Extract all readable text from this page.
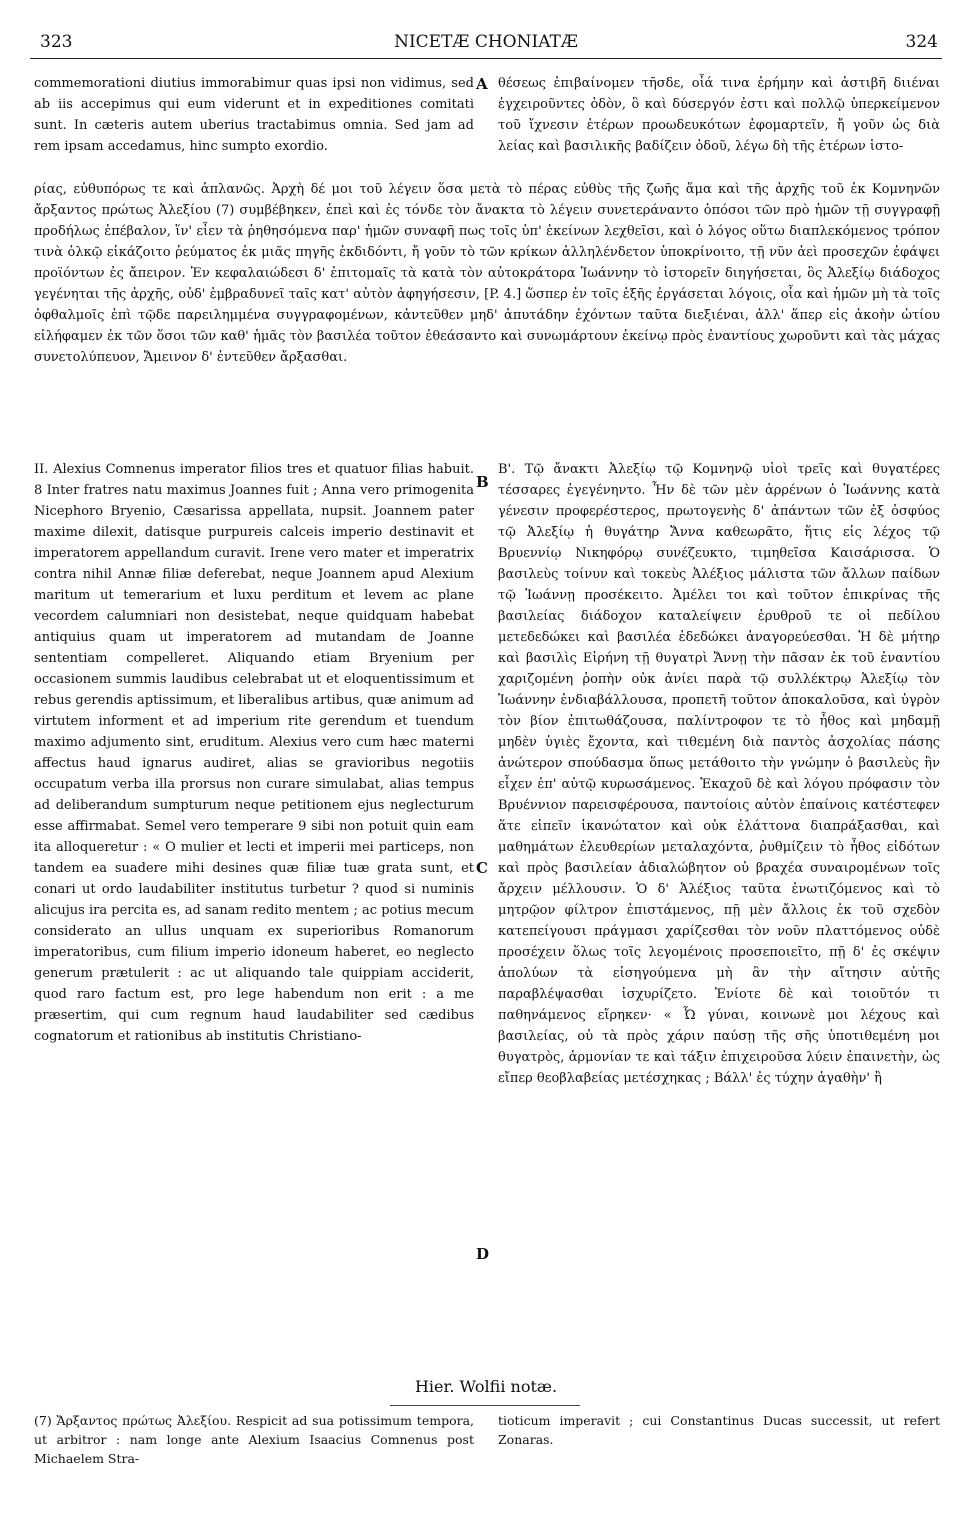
323	NICETÆ CHONIATÆ	324

commemorationi diutius immorabimur quas ipsi non vidimus, sed ab iis accepimus qui eum viderunt et in expeditiones comitati sunt. In cæteris autem uberius tractabimus omnia. Sed jam ad rem ipsam accedamus, hinc sumpto exordio.

A θέσεως ἐπιβαίνομεν τῆσδε, οἷά τινα ἐρήμην καὶ ἀστιβῆ διιέναι ἐγχειροῦντες ὁδὸν, ὃ καὶ δύσεργόν ἐστι καὶ πολλῷ ὑπερκείμενον τοῦ ἴχνεσιν ἑτέρων προωδευκότων ἐφομαρτεῖν, ἤ γοῦν ὡς διὰ λείας καὶ βασιλικῆς βαδίζειν ὁδοῦ, λέγω δὴ τῆς ἑτέρων ἱστο-

ρίας, εὐθυπόρως τε καὶ ἀπλανῶς. Ἀρχὴ δέ μοι τοῦ λέγειν ὅσα μετὰ τὸ πέρας εὐθὺς τῆς ζωῆς ἅμα καὶ τῆς ἀρχῆς τοῦ ἐκ Κομνηνῶν ἄρξαντος πρώτως Ἀλεξίου (7) συμβέβηκεν, ἐπεὶ καὶ ἐς τόνδε τὸν ἄνακτα τὸ λέγειν συνετεράναντο ὁπόσοι τῶν πρὸ ἡμῶν τῇ συγγραφῇ προδήλως ἐπέβαλον, ἵν' εἶεν τὰ ῥηθησόμενα παρ' ἡμῶν συναφῆ πως τοῖς ὑπ' ἐκείνων λεχθεῖσι, καὶ ὁ λόγος οὕτω διαπλεκόμενος τρόπον τινὰ ὁλκῷ εἰκάζοιτο ῥεύματος ἐκ μιᾶς πηγῆς ἐκδιδόντι, ἤ γοῦν τὸ τῶν κρίκων ἀλληλένδετον ὑποκρίνοιτο, τῇ νῦν ἀεὶ προσεχῶν ἐφάψει προϊόντων ἐς ἄπειρον. Ἐν κεφαλαιώδεσι δ' ἐπιτομαῖς τὰ κατὰ τὸν αὐτοκράτορα Ἰωάννην τὸ ἱστορεῖν διηγήσεται, ὃς Ἀλεξίῳ διάδοχος γεγένηται τῆς ἀρχῆς, οὐδ' ἐμβραδυνεῖ ταῖς κατ' αὐτὸν ἀφηγήσεσιν, [P. 4.] ὥσπερ ἐν τοῖς ἑξῆς ἐργάσεται λόγοις, οἷα καὶ ἡμῶν μὴ τὰ τοῖς ὀφθαλμοῖς ἐπὶ τῷδε παρειλημμένα συγγραφομένων, κἀντεῦθεν μηδ' ἀπυτάδην ἐχόντων ταῦτα διεξιέναι, ἀλλ' ἅπερ εἰς ἀκοὴν ὠτίου εἰλήφαμεν ἐκ τῶν ὅσοι τῶν καθ' ἡμᾶς τὸν βασιλέα τοῦτον ἐθεάσαντο καὶ συνωμάρτουν ἐκείνῳ πρὸς ἐναντίους χωροῦντι καὶ τὰς μάχας συνετολύπευον, Ἄμεινον δ' ἐντεῦθεν ἄρξασθαι.

II. Alexius Comnenus imperator filios tres et quatuor filias habuit. 8 Inter fratres natu maximus Joannes fuit ; Anna vero primogenita Nicephoro Bryenio, Cæsarissa appellata, nupsit. Joannem pater maxime dilexit, datisque purpureis calceis imperio destinavit et imperatorem appellandum curavit. Irene vero mater et imperatrix contra nihil Annæ filiæ deferebat, neque Joannem apud Alexium maritum ut temerarium et luxu perditum et levem ac plane vecordem calumniari non desistebat, neque quidquam habebat antiquius quam ut imperatorem ad mutandam de Joanne sententiam compelleret. Aliquando etiam Bryenium per occasionem summis laudibus celebrabat ut et eloquentissimum et rebus gerendis aptissimum, et liberalibus artibus, quæ animum ad virtutem informent et ad imperium rite gerendum et tuendum maximo adjumento sint, eruditum. Alexius vero cum hæc materni affectus haud ignarus audiret, alias se gravioribus negotiis occupatum verba illa prorsus non curare simulabat, alias tempus ad deliberandum sumpturum neque petitionem ejus neglecturum esse affirmabat. Semel vero temperare 9 sibi non potuit quin eam ita alloqueretur : « O mulier et lecti et imperii mei particeps, non tandem ea suadere mihi desines quæ filiæ tuæ grata sunt, et conari ut ordo laudabiliter institutus turbetur ? quod si numinis alicujus ira percita es, ad sanam redito mentem ; ac potius mecum considerato an ullus unquam ex superioribus Romanorum imperatoribus, cum filium imperio idoneum haberet, eo neglecto generum prætulerit : ac ut aliquando tale quippiam acciderit, quod raro factum est, pro lege habendum non erit : a me præsertim, qui cum regnum haud laudabiliter sed cædibus cognatorum et rationibus ab institutis Christiano-

B
C
D

Β'. Τῷ ἄνακτι Ἀλεξίῳ τῷ Κομνηνῷ υἱοὶ τρεῖς καὶ θυγατέρες τέσσαρες ἐγεγένηντο. Ἦν δὲ τῶν μὲν ἀρρένων ὁ Ἰωάννης κατὰ γένεσιν προφερέστερος, πρωτογενὴς δ' ἁπάντων τῶν ἐξ ὀσφύος τῷ Ἀλεξίῳ ἡ θυγάτηρ Ἄννα καθεωρᾶτο, ἥτις εἰς λέχος τῷ Βρυεννίῳ Νικηφόρῳ συνέζευκτο, τιμηθεῖσα Καισάρισσα. Ὁ βασιλεὺς τοίνυν καὶ τοκεὺς Ἀλέξιος μάλιστα τῶν ἄλλων παίδων τῷ Ἰωάννῃ προσέκειτο. Ἀμέλει τοι καὶ τοῦτον ἐπικρίνας τῆς βασιλείας διάδοχον καταλείψειν ἐρυθροῦ τε οἱ πεδίλου μετεδεδώκει καὶ βασιλέα ἐδεδώκει ἀναγορεύεσθαι. Ἡ δὲ μήτηρ καὶ βασιλὶς Εἰρήνη τῇ θυγατρὶ Ἄννῃ τὴν πᾶσαν ἐκ τοῦ ἐναντίου χαριζομένη ῥοπὴν οὐκ ἀνίει παρὰ τῷ συλλέκτρῳ Ἀλεξίῳ τὸν Ἰωάννην ἐνδιαβάλλουσα, προπετῆ τοῦτον ἀποκαλοῦσα, καὶ ὑγρὸν τὸν βίον ἐπιτωθάζουσα, παλίντροφον τε τὸ ἦθος καὶ μηδαμῇ μηδὲν ὑγιὲς ἔχοντα, καὶ τιθεμένη διὰ παντὸς ἀσχολίας πάσης ἀνώτερον σπούδασμα ὅπως μετάθοιτο τὴν γνώμην ὁ βασιλεὺς ἣν εἶχεν ἐπ' αὐτῷ κυρωσάμενος. Ἑκαχοῦ δὲ καὶ λόγου πρόφασιν τὸν Βρυέννιον παρεισφέρουσα, παντοίοις αὐτὸν ἐπαίνοις κατέστεφεν ἅτε εἰπεῖν ἱκανώτατον καὶ οὐκ ἐλάττονα διαπράξασθαι, καὶ μαθημάτων ἐλευθερίων μεταλαχόντα, ῥυθμίζειν τὸ ἦθος εἰδότων καὶ πρὸς βασιλείαν ἀδιαλώβητον οὐ βραχέα συναιρομένων τοῖς ἄρχειν μέλλουσιν. Ὁ δ' Ἀλέξιος ταῦτα ἐνωτιζόμενος καὶ τὸ μητρῷον φίλτρον ἐπιστάμενος, πῇ μὲν ἄλλοις ἐκ τοῦ σχεδὸν κατεπείγουσι πράγμασι χαρίζεσθαι τὸν νοῦν πλαττόμενος οὐδὲ προσέχειν ὅλως τοῖς λεγομένοις προσεποιεῖτο, πῇ δ' ἐς σκέψιν ἀπολύων τὰ εἰσηγούμενα μὴ ἂν τὴν αἴτησιν αὐτῆς παραβλέψασθαι ἰσχυρίζετο. Ἐνίοτε δὲ καὶ τοιοῦτόν τι παθηνάμενος εἴρηκεν· « Ὦ γύναι, κοινωνὲ μοι λέχους καὶ βασιλείας, οὐ τὰ πρὸς χάριν παύσῃ τῆς σῆς ὑποτιθεμένη μοι θυγατρὸς, ἁρμονίαν τε καὶ τάξιν ἐπιχειροῦσα λύειν ἐπαινετὴν, ὡς εἴπερ θεοβλαβείας μετέσχηκας ; Βάλλ' ἐς τύχην ἀγαθὴν' ἢ

Hier. Wolfii notæ.

(7) Ἄρξαντος πρώτως Ἀλεξίου. Respicit ad sua potissimum tempora, ut arbitror : nam longe ante Alexium Isaacius Comnenus post Michaelem Stra-

tioticum imperavit ; cui Constantinus Ducas successit, ut refert Zonaras.
